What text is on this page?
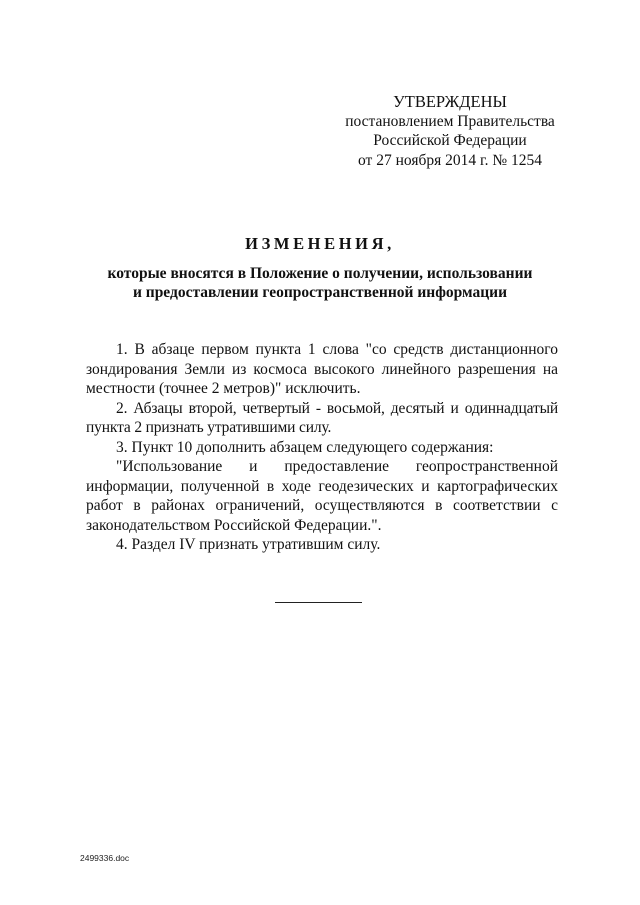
УТВЕРЖДЕНЫ
постановлением Правительства
Российской Федерации
от 27 ноября 2014 г. № 1254
ИЗМЕНЕНИЯ,
которые вносятся в Положение о получении, использовании
и предоставлении геопространственной информации

1. В абзаце первом пункта 1 слова "со средств дистанционного зондирования Земли из космоса высокого линейного разрешения на местности (точнее 2 метров)" исключить.

2. Абзацы второй, четвертый - восьмой, десятый и одиннадцатый пункта 2 признать утратившими силу.

3. Пункт 10 дополнить абзацем следующего содержания:

"Использование и предоставление геопространственной информации, полученной в ходе геодезических и картографических работ в районах ограничений, осуществляются в соответствии с законодательством Российской Федерации.".

4. Раздел IV признать утратившим силу.

2499336.doc
